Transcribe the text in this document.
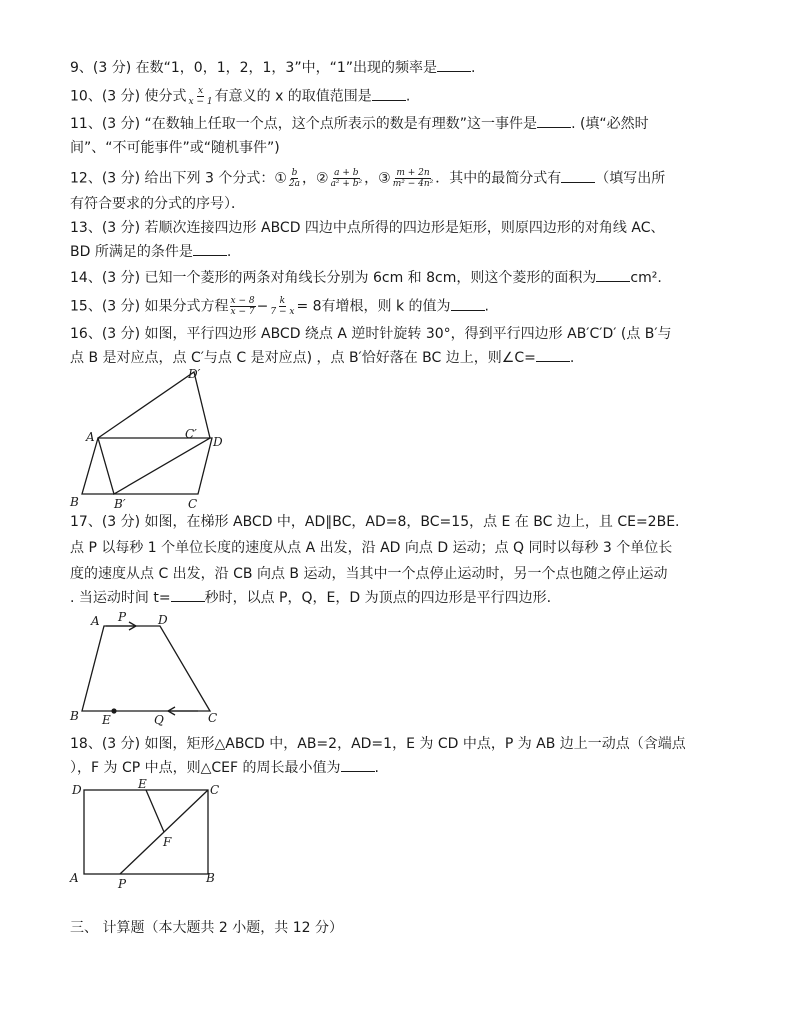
9、(3 分) 在数“1，0，1，2，1，3”中，“1”出现的频率是 .
10、(3 分) 使分式 $\frac{x}{x - 1}$ 有意义的 x 的取值范围是 .
11、(3 分) “在数轴上任取一个点，这个点所表示的数是有理数”这一事件是 . (填“必然时
间”、“不可能事件”或“随机事件”)
12、(3 分) 给出下列 3 个分式：① $\frac{b}{2a}$ ，② $\frac{a + b}{\text{a² + b²}}$ ，③ $\frac{m + 2n}{\text{m² − 4n²}}$ ．其中的最简分式有 （填写出所
有符合要求的分式的序号）．
13、(3 分) 若顺次连接四边形 ABCD 四边中点所得的四边形是矩形，则原四边形的对角线 AC、
BD 所满足的条件是 .
14、(3 分) 已知一个菱形的两条对角线长分别为 6cm 和 8cm，则这个菱形的面积为 cm².
15、(3 分) 如果分式方程 $\frac{x - 8}{x - 7} - \frac{k}{7 - x} = 8$有增根，则 k 的值为 .
16、(3 分) 如图，平行四边形 ABCD 绕点 A 逆时针旋转 30°，得到平行四边形 AB′C′D′ (点 B′与
点 B 是对应点，点 C′与点 C 是对应点) ，点 B′恰好落在 BC 边上，则∠C= .
D′
A	C′
D
B	B′	C
17、(3 分) 如图，在梯形 ABCD 中，AD∥BC，AD=8，BC=15，点 E 在 BC 边上，且 CE=2BE.
点 P 以每秒 1 个单位长度的速度从点 A 出发，沿 AD 向点 D 运动；点 Q 同时以每秒 3 个单位长
度的速度从点 C 出发，沿 CB 向点 B 运动，当其中一个点停止运动时，另一个点也随之停止运动
. 当运动时间 t= 秒时，以点 P，Q，E，D 为顶点的四边形是平行四边形.
A P	D
B E	Q	C
18、(3 分) 如图，矩形△ABCD 中，AB=2，AD=1，E 为 CD 中点，P 为 AB 边上一动点（含端点
），F 为 CP 中点，则△CEF 的周长最小值为 .
D	E	C
F
A	P	B
三、 计算题（本大题共 2 小题，共 12 分）
